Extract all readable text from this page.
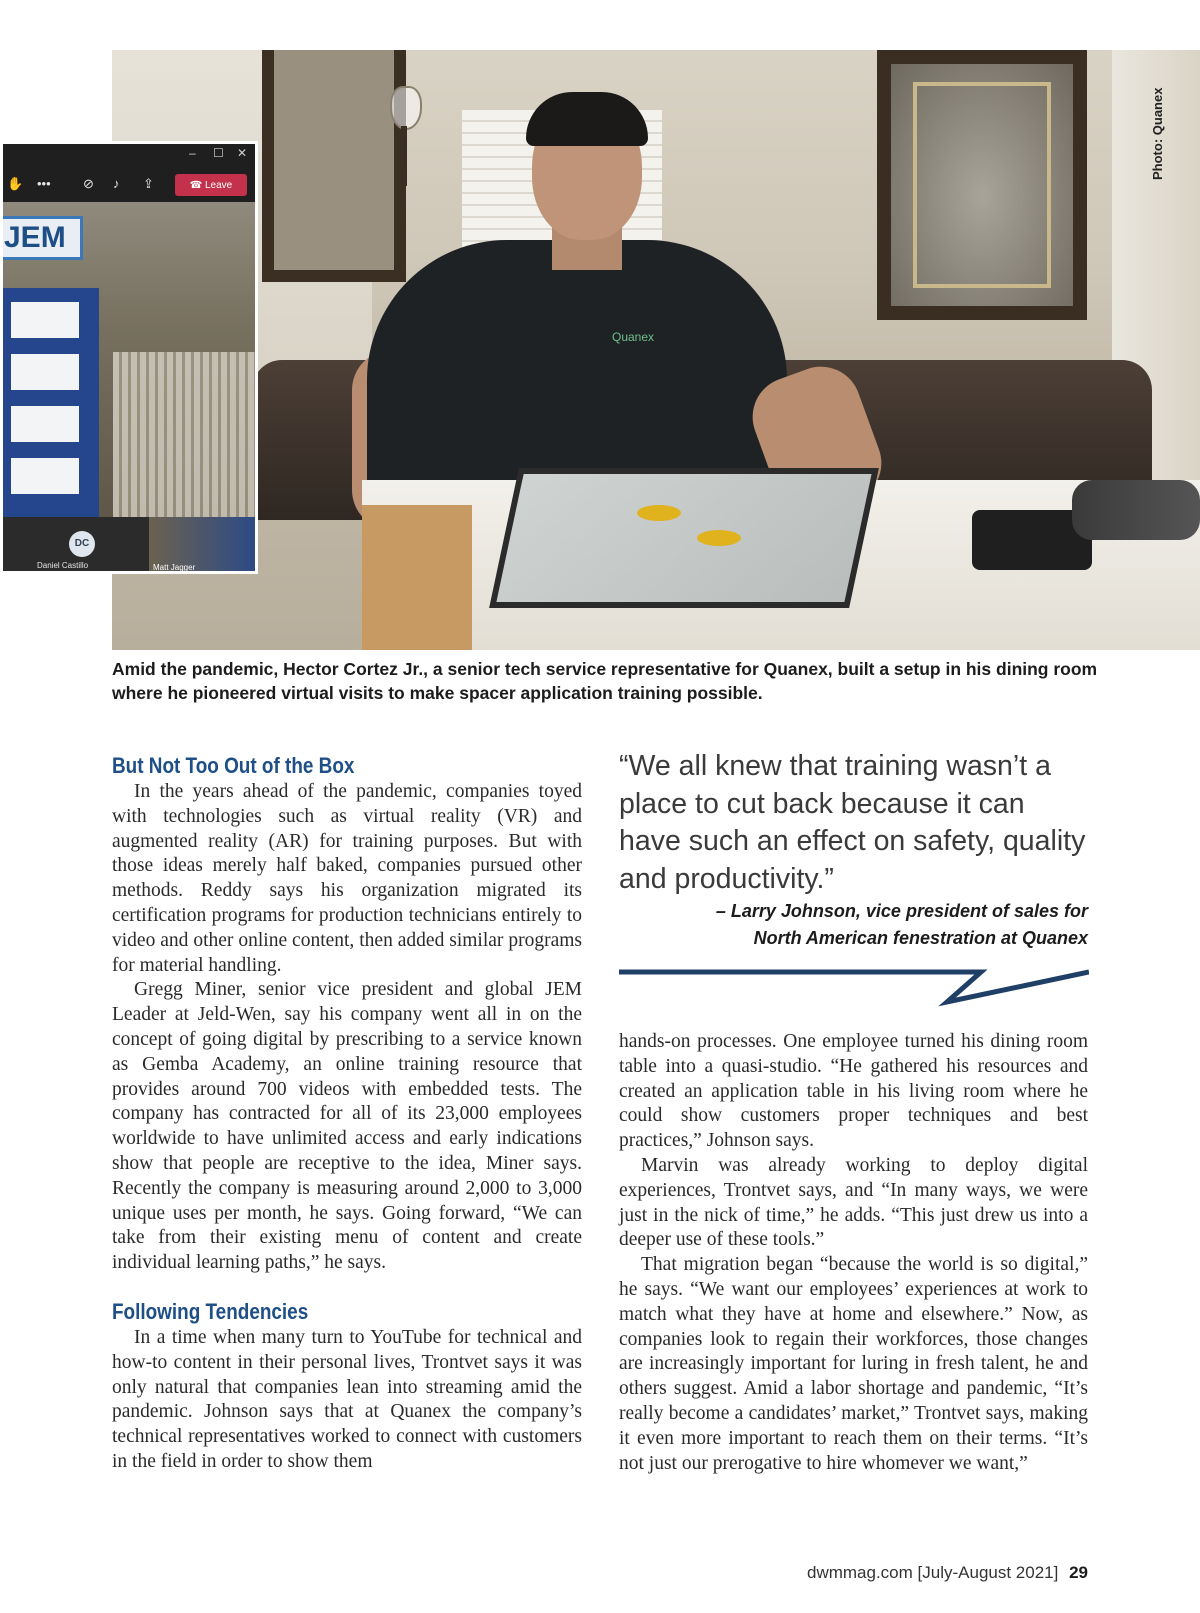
Quanex
Photo: Quanex
– ☐ ✕
✋ ••• ⊘ ♪ ⇪	☎ Leave
JEM
DC
Daniel Castillo	Matt Jagger
Amid the pandemic, Hector Cortez Jr., a senior tech service representative for Quanex, built a setup in his dining room where he pioneered virtual visits to make spacer application training possible.
But Not Too Out of the Box

In the years ahead of the pandemic, companies toyed with technologies such as virtual reality (VR) and augmented reality (AR) for training purposes. But with those ideas merely half baked, companies pursued other methods. Reddy says his organization migrated its certification programs for production technicians entirely to video and other online content, then added similar programs for material handling.

Gregg Miner, senior vice president and global JEM Leader at Jeld-Wen, say his company went all in on the concept of going digital by prescribing to a service known as Gemba Academy, an online training resource that provides around 700 videos with embedded tests. The company has contracted for all of its 23,000 employees worldwide to have unlimited access and early indications show that people are receptive to the idea, Miner says. Recently the company is measuring around 2,000 to 3,000 unique uses per month, he says. Going forward, “We can take from their existing menu of content and create individual learning paths,” he says.

Following Tendencies

In a time when many turn to YouTube for technical and how-to content in their personal lives, Trontvet says it was only natural that companies lean into streaming amid the pandemic. Johnson says that at Quanex the company’s technical representatives worked to connect with customers in the field in order to show them

“We all knew that training wasn’t a place to cut back because it can have such an effect on safety, quality and productivity.”
– Larry Johnson, vice president of sales for
North American fenestration at Quanex

hands-on processes. One employee turned his dining room table into a quasi-studio. “He gathered his resources and created an application table in his living room where he could show customers proper techniques and best practices,” Johnson says.

Marvin was already working to deploy digital experiences, Trontvet says, and “In many ways, we were just in the nick of time,” he adds. “This just drew us into a deeper use of these tools.”

That migration began “because the world is so digital,” he says. “We want our employees’ experiences at work to match what they have at home and elsewhere.” Now, as companies look to regain their workforces, those changes are increasingly important for luring in fresh talent, he and others suggest. Amid a labor shortage and pandemic, “It’s really become a candidates’ market,” Trontvet says, making it even more important to reach them on their terms. “It’s not just our prerogative to hire whomever we want,”

dwmmag.com [July-August 2021] 29
